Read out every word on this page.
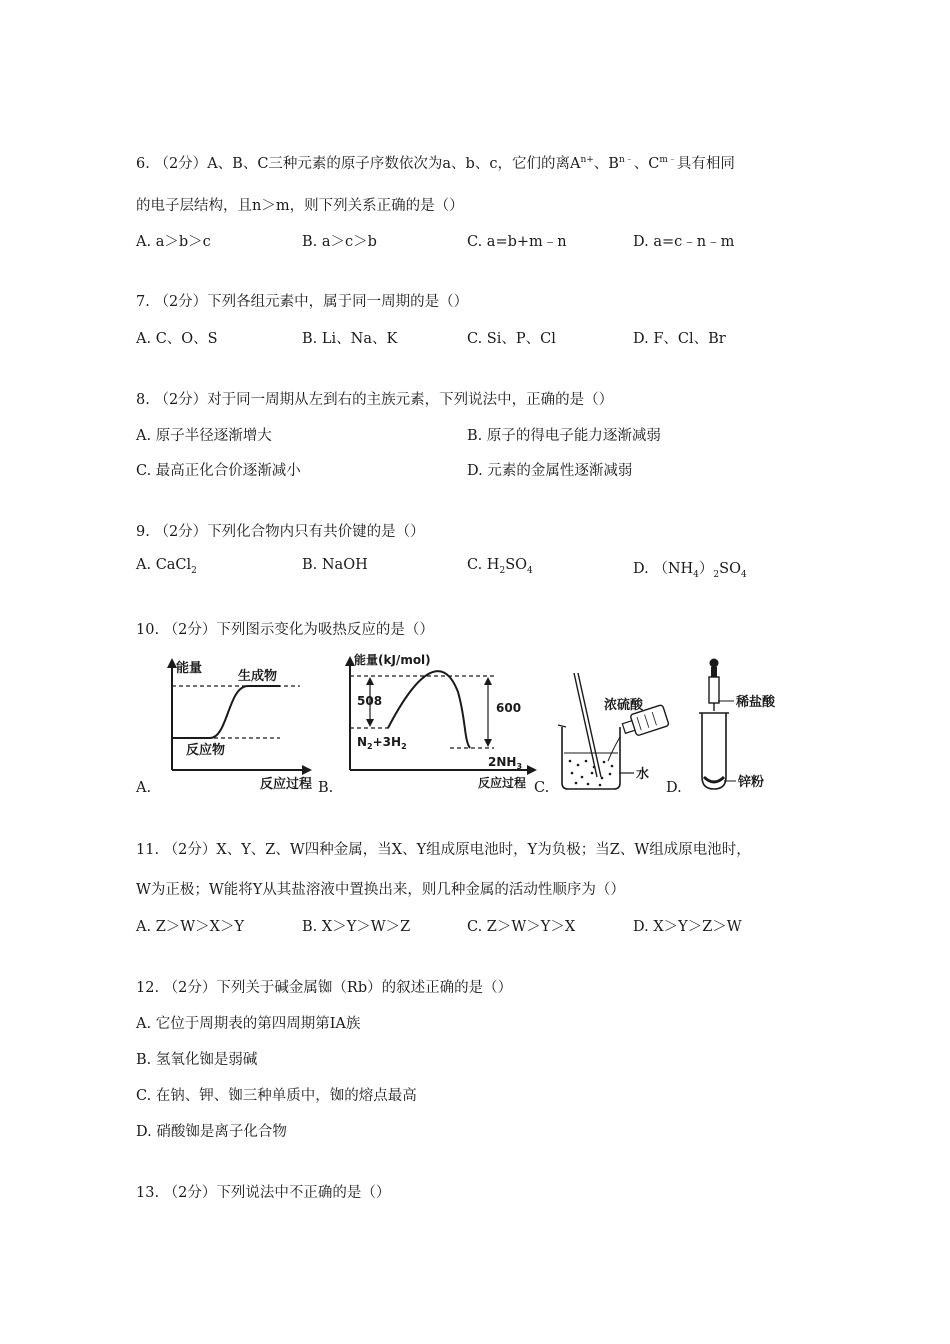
6. （2分）A、B、C三种元素的原子序数依次为a、b、c，它们的离$A^{n+}$、$B^{n﹣}$、$C^{m﹣}$具有相同
的电子层结构，且n＞m，则下列关系正确的是（）
A. a＞b＞c	B. a＞c＞b	C. a=b+m﹣n	D. a=c﹣n﹣m
7. （2分）下列各组元素中，属于同一周期的是（）
A. C、O、S	B. Li、Na、K	C. Si、P、Cl	D. F、Cl、Br
8. （2分）对于同一周期从左到右的主族元素，下列说法中，正确的是（）
A. 原子半径逐渐增大	B. 原子的得电子能力逐渐减弱
C. 最高正化合价逐渐减小	D. 元素的金属性逐渐减弱
9. （2分）下列化合物内只有共价键的是（）
A. CaCl$_2$	B. NaOH	C. $H_2SO_4$	D. $(NH_4)_2SO_4$
10. （2分）下列图示变化为吸热反应的是（）
能量
生成物
反应物
反应过程
A.
能量(kJ/mol)
508	600
$N_2+3H_2$
$2NH_3$
反应过程
B.
浓硫酸
水
C.
稀盐酸
锌粉
D.
11. （2分）X、Y、Z、W四种金属，当X、Y组成原电池时，Y为负极；当Z、W组成原电池时，
W为正极；W能将Y从其盐溶液中置换出来，则几种金属的活动性顺序为（）
A. Z＞W＞X＞Y	B. X＞Y＞W＞Z	C. Z＞W＞Y＞X	D. X＞Y＞Z＞W
12. （2分）下列关于碱金属铷（Rb）的叙述正确的是（）
A. 它位于周期表的第四周期第IA族
B. 氢氧化铷是弱碱
C. 在钠、钾、铷三种单质中，铷的熔点最高
D. 硝酸铷是离子化合物
13. （2分）下列说法中不正确的是（）
